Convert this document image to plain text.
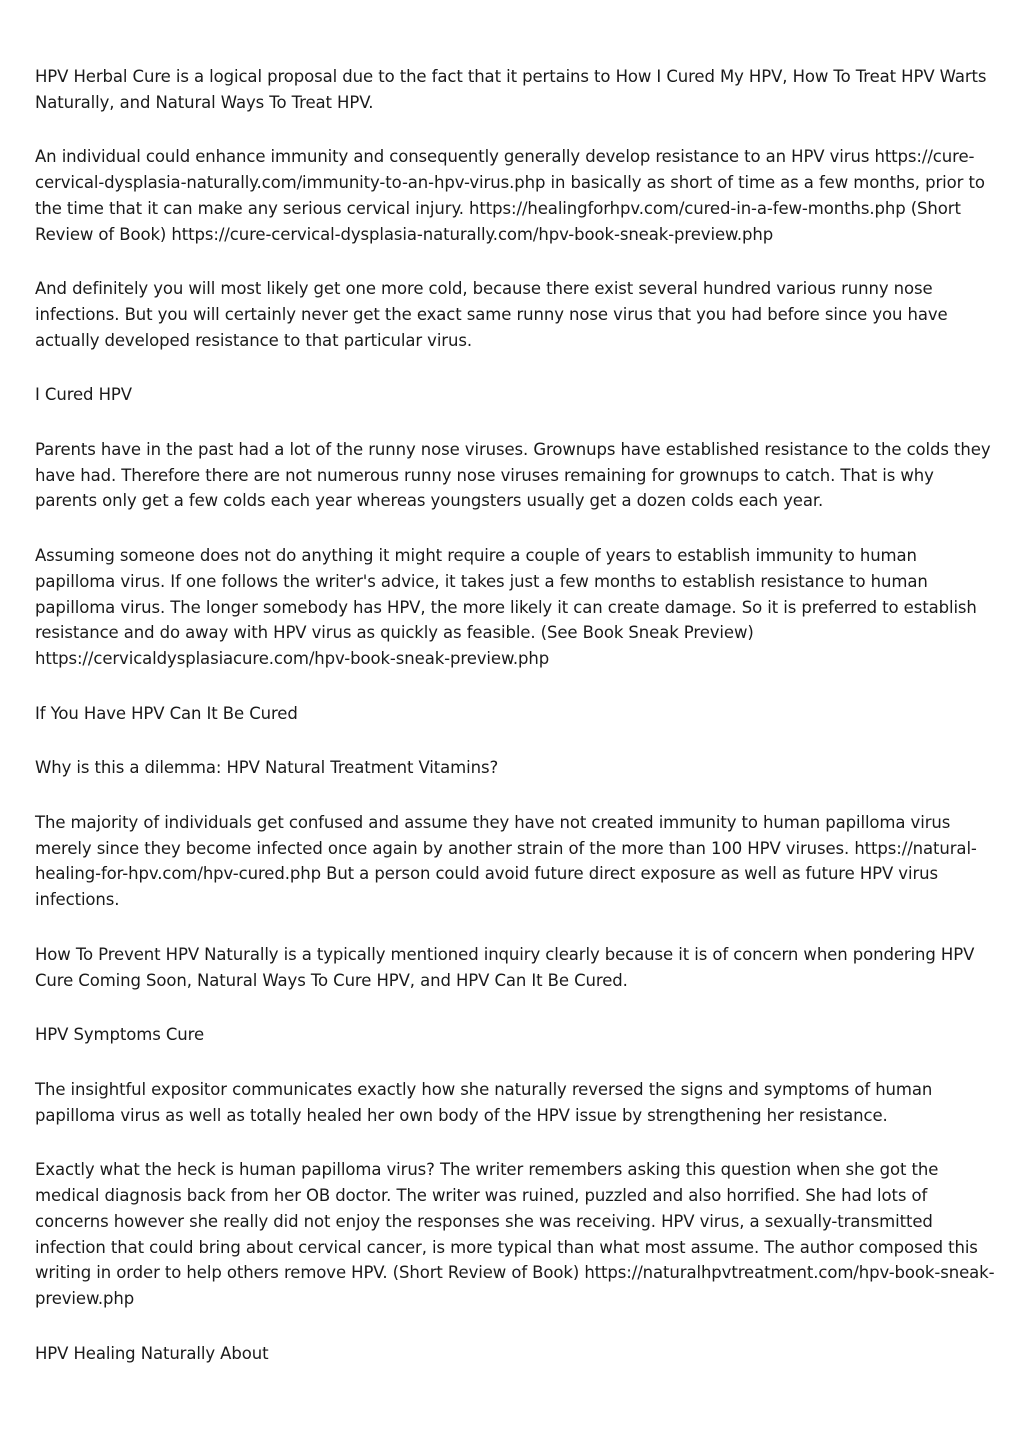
HPV Herbal Cure is a logical proposal due to the fact that it pertains to How I Cured My HPV, How To Treat HPV Warts Naturally, and Natural Ways To Treat HPV.

An individual could enhance immunity and consequently generally develop resistance to an HPV virus https://cure-cervical-dysplasia-naturally.com/immunity-to-an-hpv-virus.php in basically as short of time as a few months, prior to the time that it can make any serious cervical injury. https://healingforhpv.com/cured-in-a-few-months.php (Short Review of Book) https://cure-cervical-dysplasia-naturally.com/hpv-book-sneak-preview.php

And definitely you will most likely get one more cold, because there exist several hundred various runny nose infections. But you will certainly never get the exact same runny nose virus that you had before since you have actually developed resistance to that particular virus.

I Cured HPV

Parents have in the past had a lot of the runny nose viruses. Grownups have established resistance to the colds they have had. Therefore there are not numerous runny nose viruses remaining for grownups to catch. That is why parents only get a few colds each year whereas youngsters usually get a dozen colds each year.

Assuming someone does not do anything it might require a couple of years to establish immunity to human papilloma virus. If one follows the writer's advice, it takes just a few months to establish resistance to human papilloma virus. The longer somebody has HPV, the more likely it can create damage. So it is preferred to establish resistance and do away with HPV virus as quickly as feasible. (See Book Sneak Preview) https://cervicaldysplasiacure.com/hpv-book-sneak-preview.php

If You Have HPV Can It Be Cured

Why is this a dilemma: HPV Natural Treatment Vitamins?

The majority of individuals get confused and assume they have not created immunity to human papilloma virus merely since they become infected once again by another strain of the more than 100 HPV viruses. https://natural-healing-for-hpv.com/hpv-cured.php But a person could avoid future direct exposure as well as future HPV virus infections.

How To Prevent HPV Naturally is a typically mentioned inquiry clearly because it is of concern when pondering HPV Cure Coming Soon, Natural Ways To Cure HPV, and HPV Can It Be Cured.

HPV Symptoms Cure

The insightful expositor communicates exactly how she naturally reversed the signs and symptoms of human papilloma virus as well as totally healed her own body of the HPV issue by strengthening her resistance.

Exactly what the heck is human papilloma virus? The writer remembers asking this question when she got the medical diagnosis back from her OB doctor. The writer was ruined, puzzled and also horrified. She had lots of concerns however she really did not enjoy the responses she was receiving. HPV virus, a sexually-transmitted infection that could bring about cervical cancer, is more typical than what most assume. The author composed this writing in order to help others remove HPV. (Short Review of Book) https://naturalhpvtreatment.com/hpv-book-sneak-preview.php

HPV Healing Naturally About
